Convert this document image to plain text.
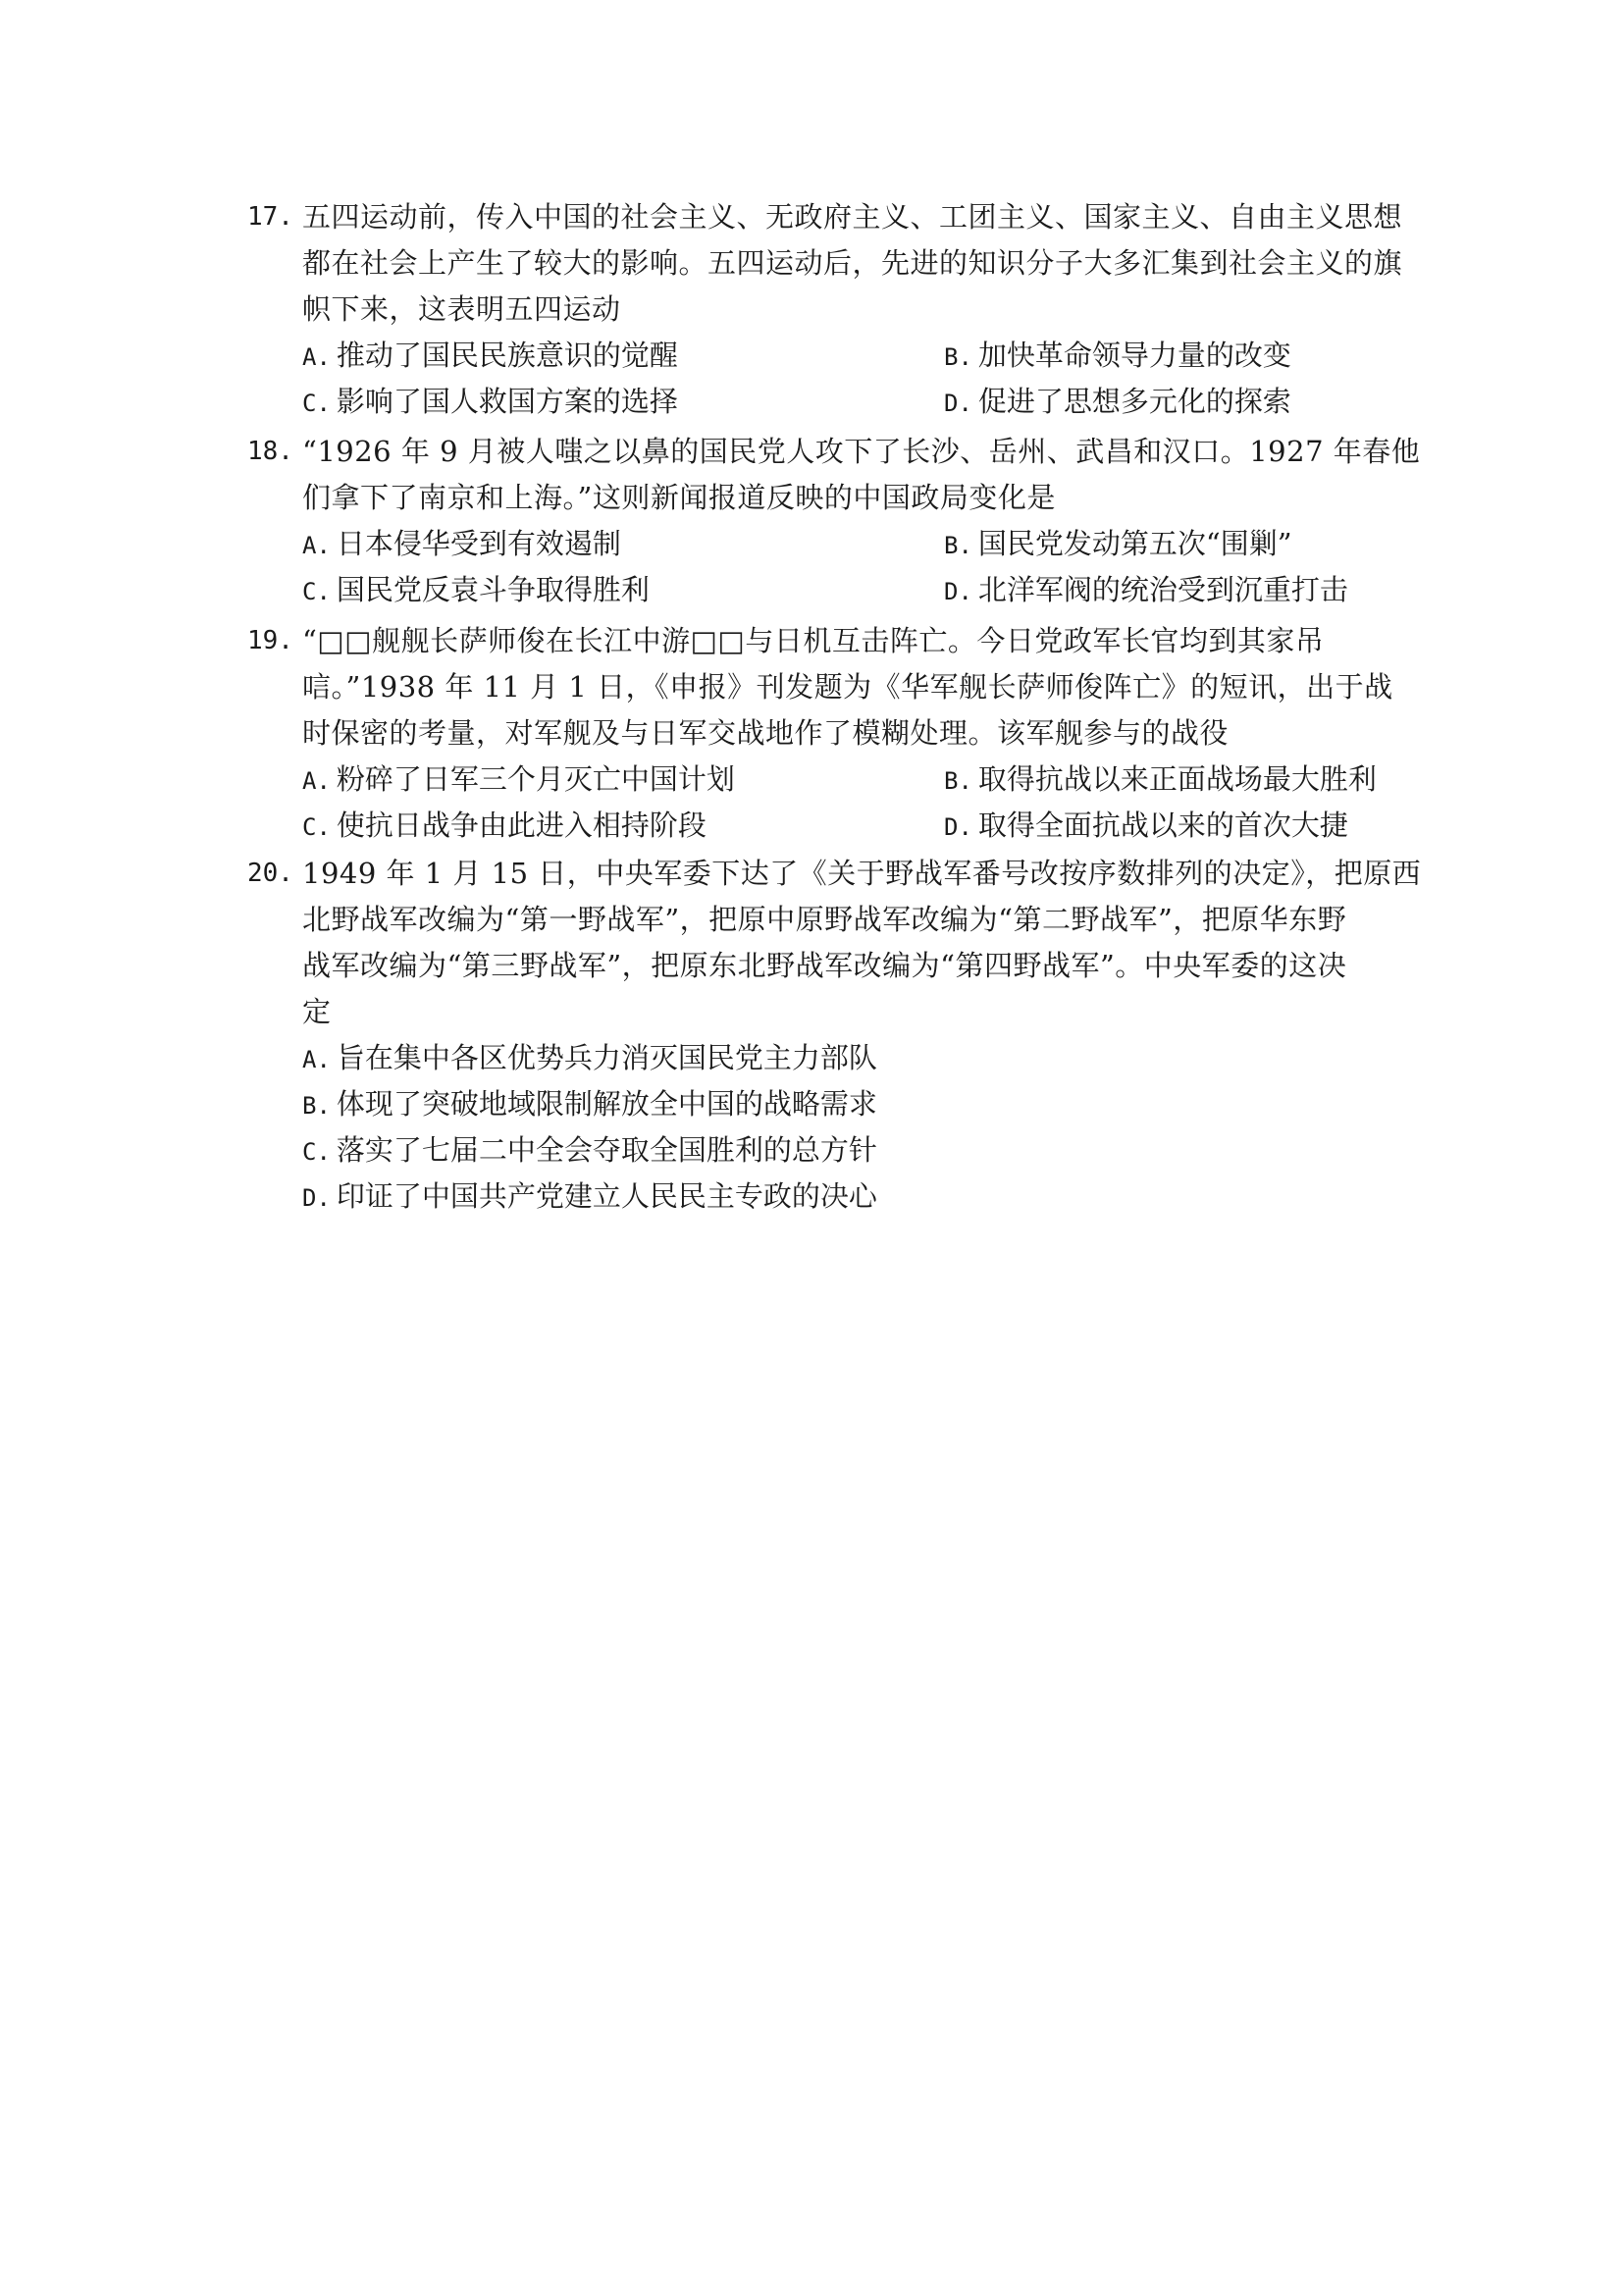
17. 五四运动前，传入中国的社会主义、无政府主义、工团主义、国家主义、自由主义思想
都在社会上产生了较大的影响。五四运动后，先进的知识分子大多汇集到社会主义的旗
帜下来，这表明五四运动
A. 推动了国民民族意识的觉醒	B. 加快革命领导力量的改变
C. 影响了国人救国方案的选择	D. 促进了思想多元化的探索
18. “1926 年 9 月被人嗤之以鼻的国民党人攻下了长沙、岳州、武昌和汉口。1927 年春他
们拿下了南京和上海。”这则新闻报道反映的中国政局变化是
A. 日本侵华受到有效遏制	B. 国民党发动第五次“围剿”
C. 国民党反袁斗争取得胜利	D. 北洋军阀的统治受到沉重打击
19. “□□舰舰长萨师俊在长江中游□□与日机互击阵亡。今日党政军长官均到其家吊
唁。”1938 年 11 月 1 日，《申报》刊发题为《华军舰长萨师俊阵亡》的短讯，出于战
时保密的考量，对军舰及与日军交战地作了模糊处理。该军舰参与的战役
A. 粉碎了日军三个月灭亡中国计划	B. 取得抗战以来正面战场最大胜利
C. 使抗日战争由此进入相持阶段	D. 取得全面抗战以来的首次大捷
20. 1949 年 1 月 15 日，中央军委下达了《关于野战军番号改按序数排列的决定》，把原西
北野战军改编为“第一野战军”，把原中原野战军改编为“第二野战军”，把原华东野
战军改编为“第三野战军”，把原东北野战军改编为“第四野战军”。中央军委的这决
定
A. 旨在集中各区优势兵力消灭国民党主力部队
B. 体现了突破地域限制解放全中国的战略需求
C. 落实了七届二中全会夺取全国胜利的总方针
D. 印证了中国共产党建立人民民主专政的决心
